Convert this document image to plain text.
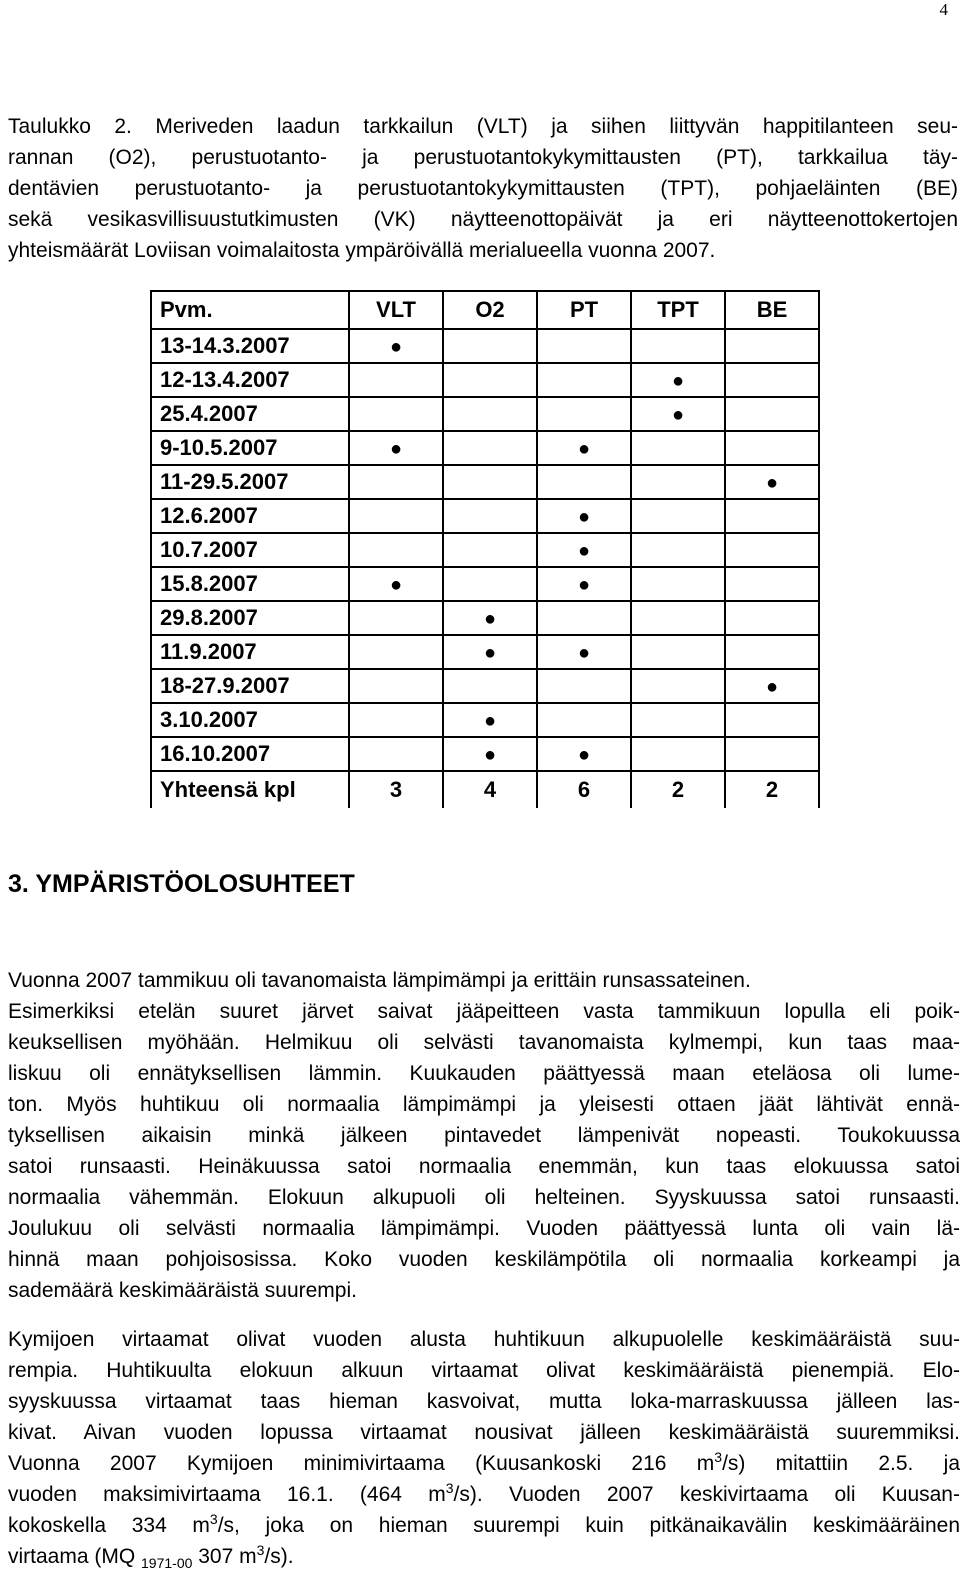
4
Taulukko 2. Meriveden laadun tarkkailun (VLT) ja siihen liittyvän happitilanteen seu-
rannan (O2), perustuotanto- ja perustuotantokykymittausten (PT), tarkkailua täy-
dentävien perustuotanto- ja perustuotantokykymittausten (TPT), pohjaeläinten (BE)
sekä vesikasvillisuustutkimusten (VK) näytteenottopäivät ja eri näytteenottokertojen
yhteismäärät Loviisan voimalaitosta ympäröivällä merialueella vuonna 2007.
Pvm.	VLT	O2	PT	TPT	BE
13-14.3.2007	●				
12-13.4.2007				●	
25.4.2007				●	
9-10.5.2007	●		●		
11-29.5.2007					●
12.6.2007			●		
10.7.2007			●		
15.8.2007	●		●		
29.8.2007		●			
11.9.2007		●	●		
18-27.9.2007					●
3.10.2007		●			
16.10.2007		●	●		
Yhteensä kpl	3	4	6	2	2
3. YMPÄRISTÖOLOSUHTEET
Vuonna 2007 tammikuu oli tavanomaista lämpimämpi ja erittäin runsassateinen.
Esimerkiksi etelän suuret järvet saivat jääpeitteen vasta tammikuun lopulla eli poik-
keuksellisen myöhään. Helmikuu oli selvästi tavanomaista kylmempi, kun taas maa-
liskuu oli ennätyksellisen lämmin. Kuukauden päättyessä maan eteläosa oli lume-
ton. Myös huhtikuu oli normaalia lämpimämpi ja yleisesti ottaen jäät lähtivät ennä-
tyksellisen aikaisin minkä jälkeen pintavedet lämpenivät nopeasti. Toukokuussa
satoi runsaasti. Heinäkuussa satoi normaalia enemmän, kun taas elokuussa satoi
normaalia vähemmän. Elokuun alkupuoli oli helteinen. Syyskuussa satoi runsaasti.
Joulukuu oli selvästi normaalia lämpimämpi. Vuoden päättyessä lunta oli vain lä-
hinnä maan pohjoisosissa. Koko vuoden keskilämpötila oli normaalia korkeampi ja
sademäärä keskimääräistä suurempi.
Kymijoen virtaamat olivat vuoden alusta huhtikuun alkupuolelle keskimääräistä suu-
rempia. Huhtikuulta elokuun alkuun virtaamat olivat keskimääräistä pienempiä. Elo-
syyskuussa virtaamat taas hieman kasvoivat, mutta loka-marraskuussa jälleen las-
kivat. Aivan vuoden lopussa virtaamat nousivat jälleen keskimääräistä suuremmiksi.
Vuonna 2007 Kymijoen minimivirtaama (Kuusankoski 216 $m^3/s$) mitattiin 2.5. ja
vuoden maksimivirtaama 16.1. (464 $m^3/s$). Vuoden 2007 keskivirtaama oli Kuusan-
kokoskella 334 $m^3/s$, joka on hieman suurempi kuin pitkänaikavälin keskimääräinen
virtaama (MQ $_{1971-00}$ 307 $m^3/s$).
